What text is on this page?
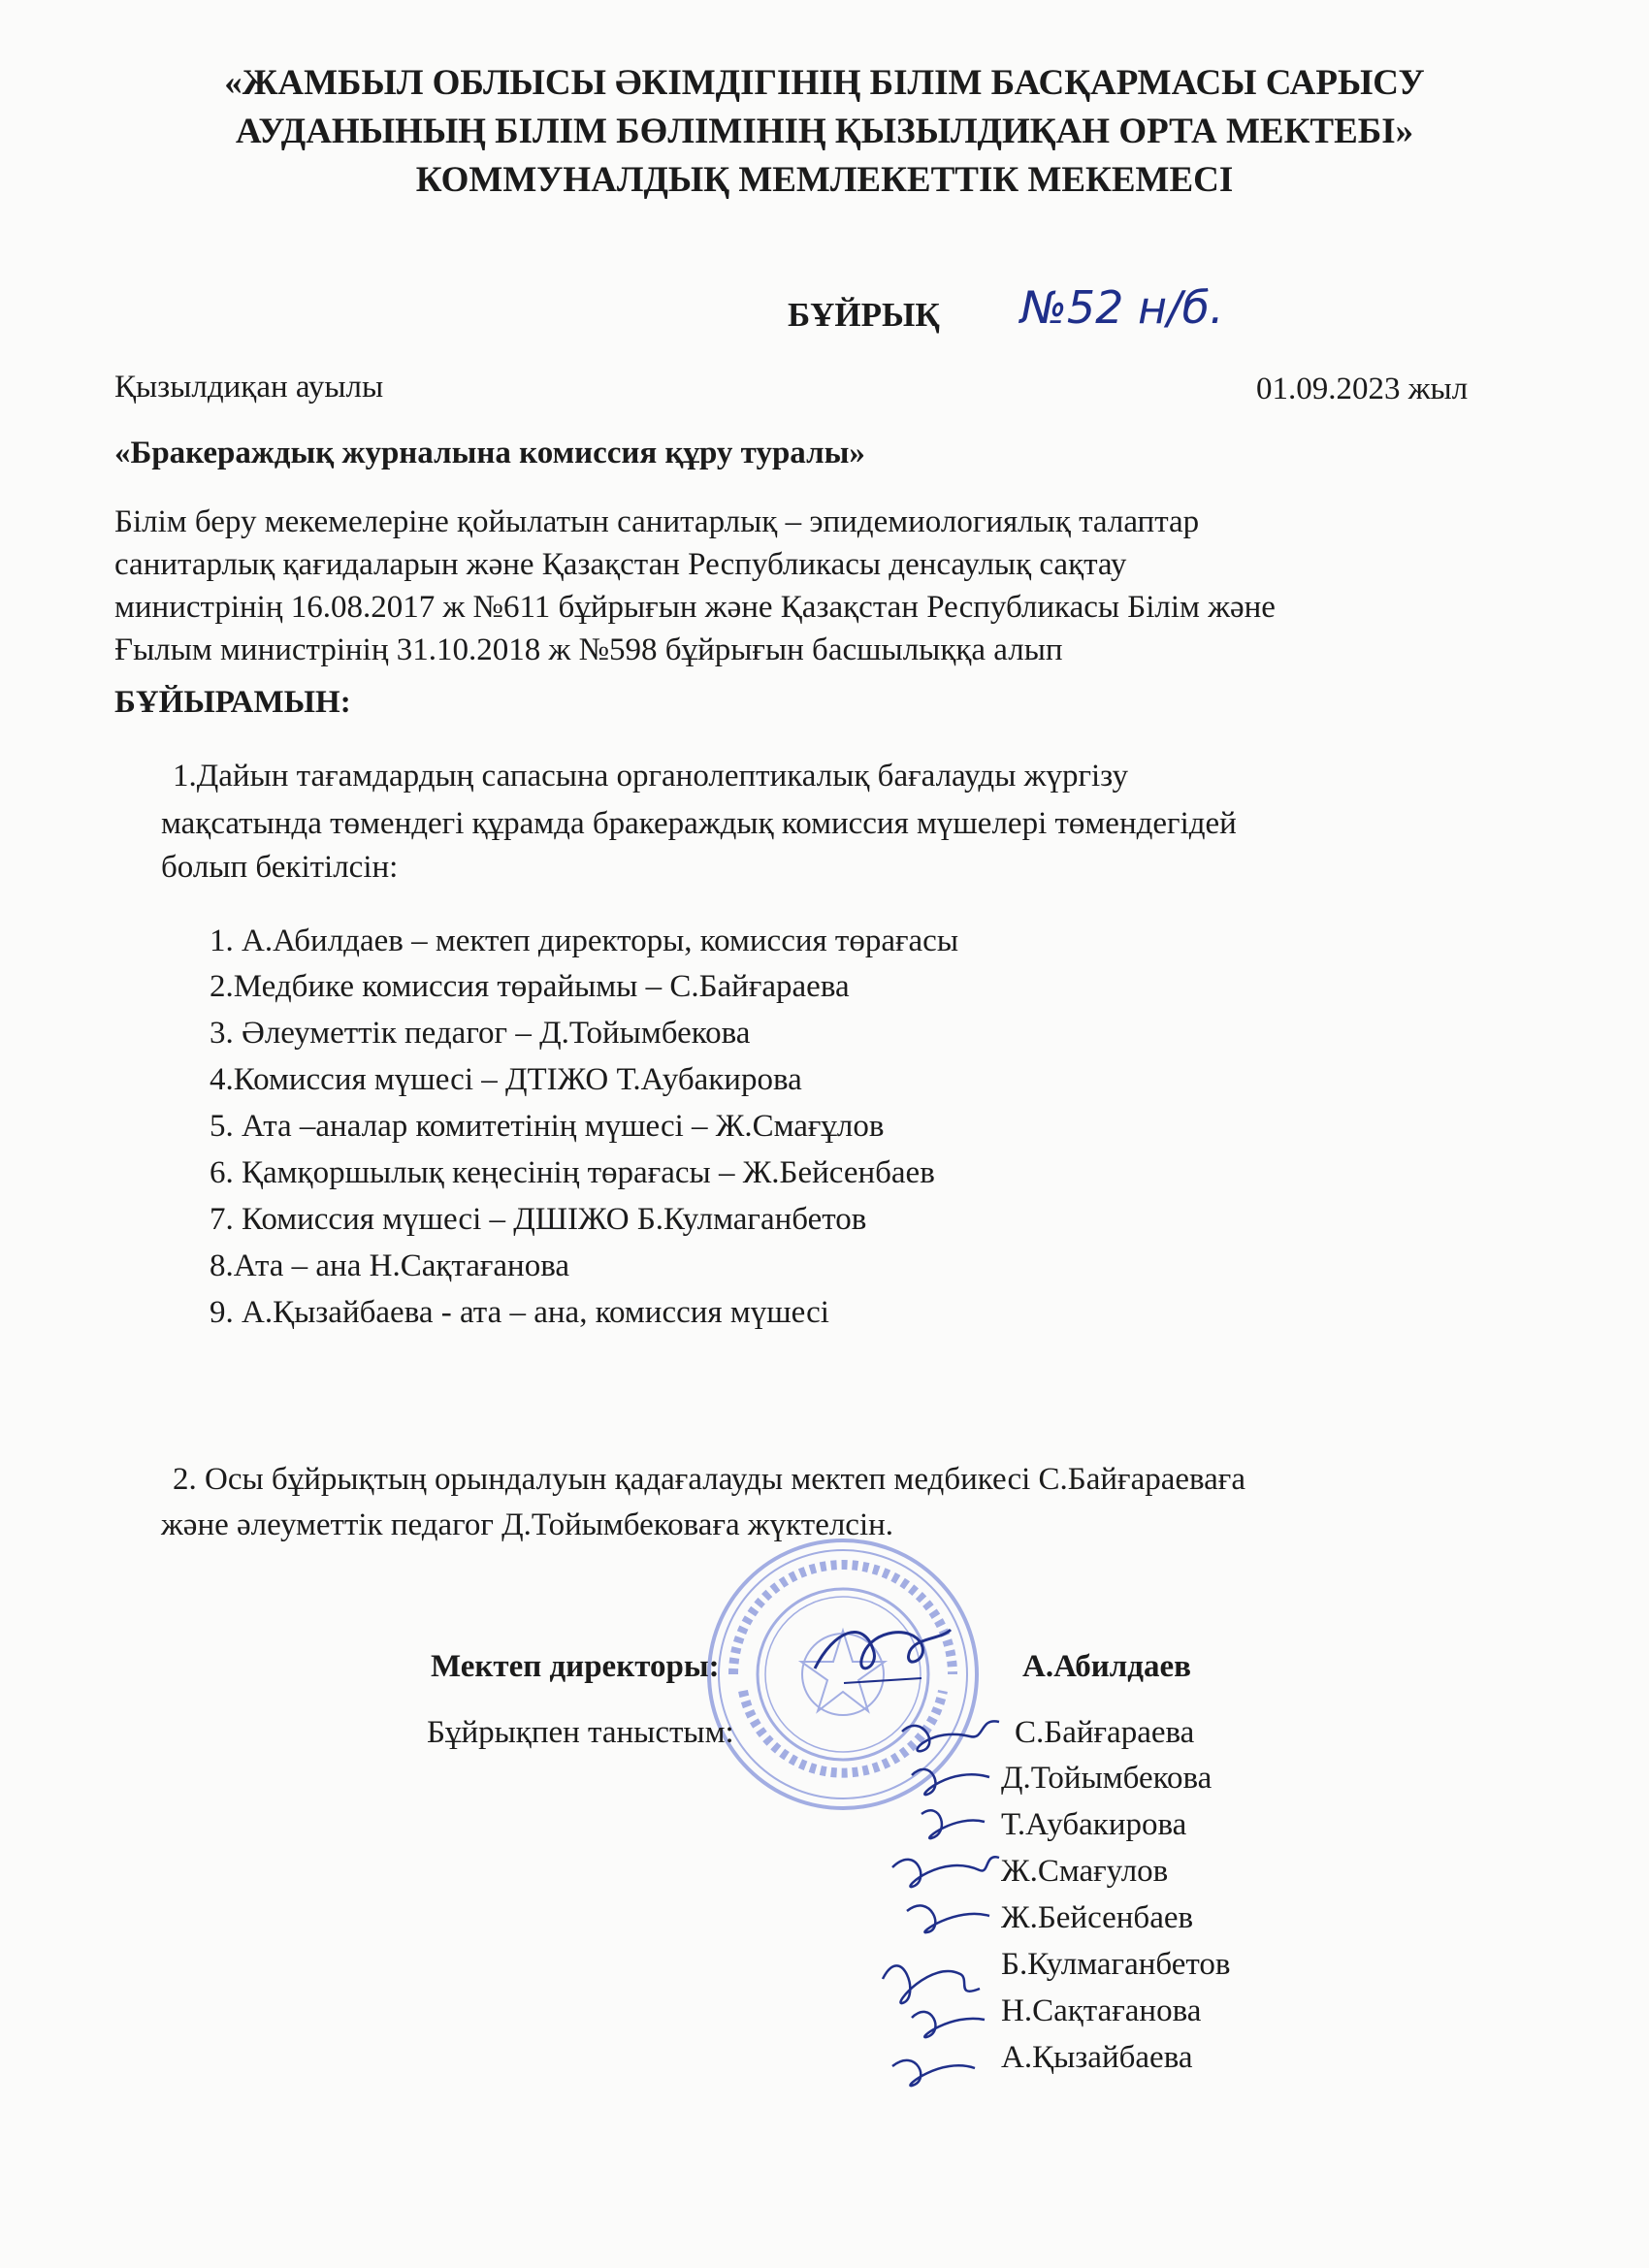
«ЖАМБЫЛ ОБЛЫСЫ ӘКІМДІГІНІҢ БІЛІМ БАСҚАРМАСЫ САРЫСУ
АУДАНЫНЫҢ БІЛІМ БӨЛІМІНІҢ ҚЫЗЫЛДИҚАН ОРТА МЕКТЕБІ»
КОММУНАЛДЫҚ МЕМЛЕКЕТТІК МЕКЕМЕСІ
БҰЙРЫҚ №52 н/б.
Қызылдиқан ауылы	01.09.2023 жыл
«Бракераждық журналына комиссия құру туралы»
Білім беру мекемелеріне қойылатын санитарлық – эпидемиологиялық талаптар
санитарлық қағидаларын және Қазақстан Республикасы денсаулық сақтау
министрінің 16.08.2017 ж №611 бұйрығын және Қазақстан Республикасы Білім және
Ғылым министрінің 31.10.2018 ж №598 бұйрығын басшылыққа алып
БҰЙЫРАМЫН:
1.Дайын тағамдардың сапасына органолептикалық бағалауды жүргізу
мақсатында төмендегі құрамда бракераждық комиссия мүшелері төмендегідей
болып бекітілсін:
1. А.Абилдаев – мектеп директоры, комиссия төрағасы
2.Медбике комиссия төрайымы – С.Байғараева
3. Әлеуметтік педагог – Д.Тойымбекова
4.Комиссия мүшесі – ДТІЖО Т.Аубакирова
5. Ата –аналар комитетінің мүшесі – Ж.Смағұлов
6. Қамқоршылық кеңесінің төрағасы – Ж.Бейсенбаев
7. Комиссия мүшесі – ДШІЖО Б.Кулмаганбетов
8.Ата – ана Н.Сақтағанова
9. А.Қызайбаева - ата – ана, комиссия мүшесі
2. Осы бұйрықтың орындалуын қадағалауды мектеп медбикесі С.Байғараеваға
және әлеуметтік педагог Д.Тойымбековаға жүктелсін.
Мектеп директоры:	А.Абилдаев
Бұйрықпен таныстым:	С.Байғараева
Д.Тойымбекова
Т.Аубакирова
Ж.Смағулов
Ж.Бейсенбаев
Б.Кулмаганбетов
Н.Сақтағанова
А.Қызайбаева
